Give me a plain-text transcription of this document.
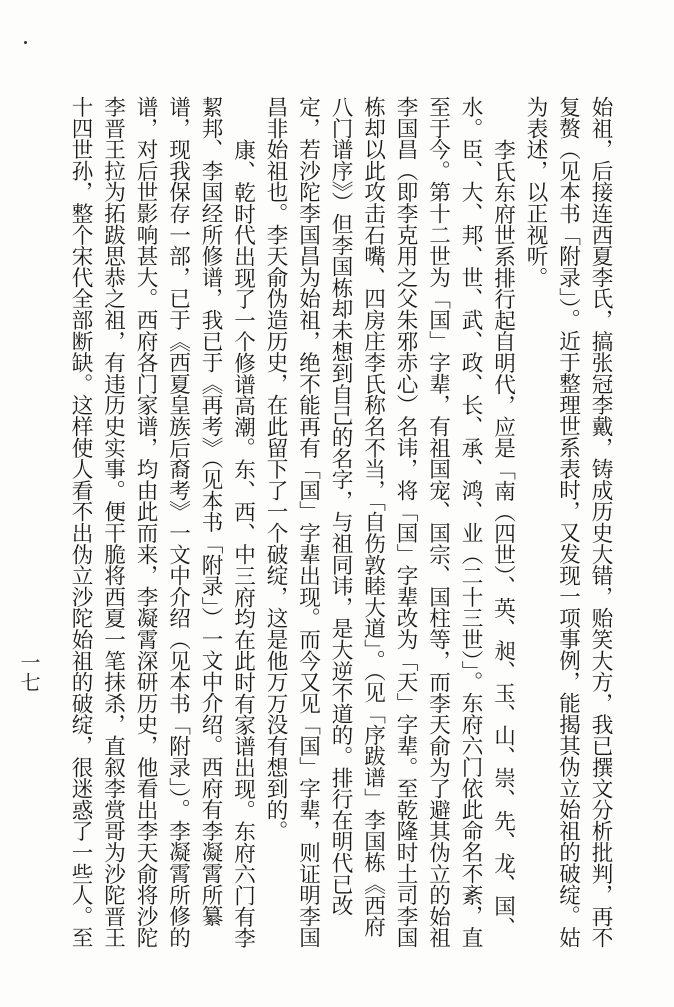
始祖，后接连西夏李氏，搞张冠李戴，铸成历史大错，贻笑大方，我已撰文分析批判，再不复赘（见本书「附录」）。近于整理世系表时，又发现一项事例，能揭其伪立始祖的破绽。姑为表述，以正视听。

李氏东府世系排行起自明代，应是「南（四世）、英、昶、玉、山、崇、先、龙、国、水。臣、大、邦、世、武、政、长、承、鸿、业（二十三世）」。东府六门依此命名不紊，直至于今。第十二世为「国」字辈，有祖国宠、国宗、国柱等，而李天俞为了避其伪立的始祖李国昌（即李克用之父朱邪赤心）名讳，将「国」字辈改为「天」字辈。至乾隆时土司李国栋却以此攻击石嘴、四房庄李氏称名不当，「自伤敦睦大道」。（见「序跋谱」李国栋《西府八门谱序》）但李国栋却未想到自己的名字，与祖同讳，是大逆不道的。排行在明代已改定，若沙陀李国昌为始祖，绝不能再有「国」字辈出现。而今又见「国」字辈，则证明李国昌非始祖也。李天俞伪造历史，在此留下了一个破绽，这是他万万没有想到的。

康、乾时代出现了一个修谱高潮。东、西、中三府均在此时有家谱出现。东府六门有李絜邦、李国经所修谱，我已于《再考》（见本书「附录」）一文中介绍。西府有李凝霄所纂谱，现我保存一部，已于《西夏皇族后裔考》一文中介绍（见本书「附录」）。李凝霄所修的谱，对后世影响甚大。西府各门家谱，均由此而来，李凝霄深研历史，他看出李天俞将沙陀李晋王拉为拓跋思恭之祖，有违历史实事。便干脆将西夏一笔抹杀，直叙李赏哥为沙陀晋王十四世孙，整个宋代全部断缺。这样使人看不出伪立沙陀始祖的破绽，很迷惑了一些人。至

一七
